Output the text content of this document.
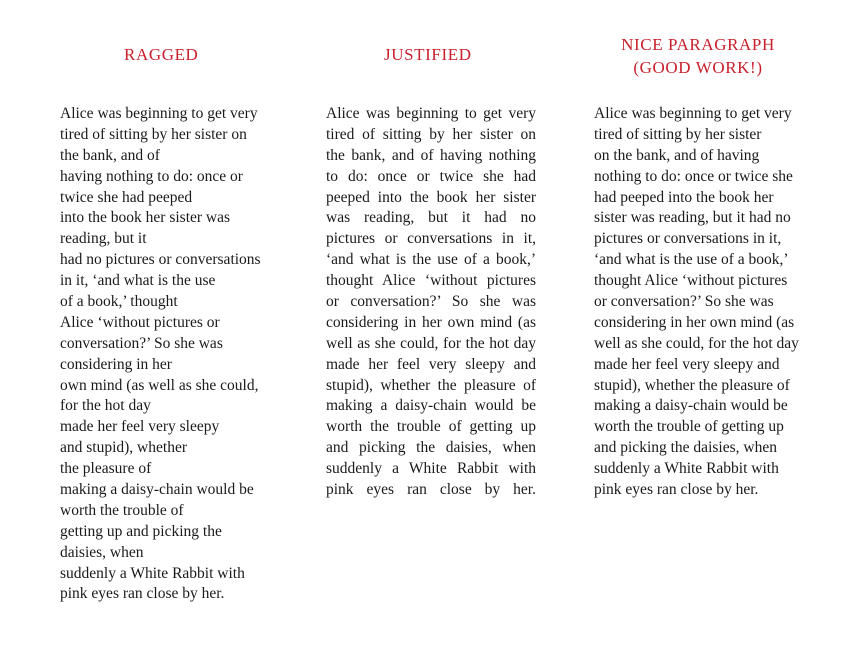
RAGGED
Alice was beginning to get very
tired of sitting by her sister on
the bank, and of
having nothing to do: once or
twice she had peeped
into the book her sister was
reading, but it
had no pictures or conversations
in it, ‘and what is the use
of a book,’ thought
Alice ‘without pictures or
conversation?’ So she was
considering in her
own mind (as well as she could,
for the hot day
made her feel very sleepy
and stupid), whether
the pleasure of
making a daisy-chain would be
worth the trouble of
getting up and picking the
daisies, when
suddenly a White Rabbit with
pink eyes ran close by her.
JUSTIFIED
Alice was beginning to get very
tired of sitting by her sister on
the bank, and of having nothing
to do: once or twice she had
peeped into the book her sister
was reading, but it had no
pictures or conversations in it,
‘and what is the use of a book,’
thought Alice ‘without pictures
or conversation?’ So she was
considering in her own mind (as
well as she could, for the hot day
made her feel very sleepy and
stupid), whether the pleasure of
making a daisy-chain would be
worth the trouble of getting up
and picking the daisies, when
suddenly a White Rabbit with
pink eyes ran close by her.
NICE PARAGRAPH
(GOOD WORK!)
Alice was beginning to get very
tired of sitting by her sister
on the bank, and of having
nothing to do: once or twice she
had peeped into the book her
sister was reading, but it had no
pictures or conversations in it,
‘and what is the use of a book,’
thought Alice ‘without pictures
or conversation?’ So she was
considering in her own mind (as
well as she could, for the hot day
made her feel very sleepy and
stupid), whether the pleasure of
making a daisy-chain would be
worth the trouble of getting up
and picking the daisies, when
suddenly a White Rabbit with
pink eyes ran close by her.
